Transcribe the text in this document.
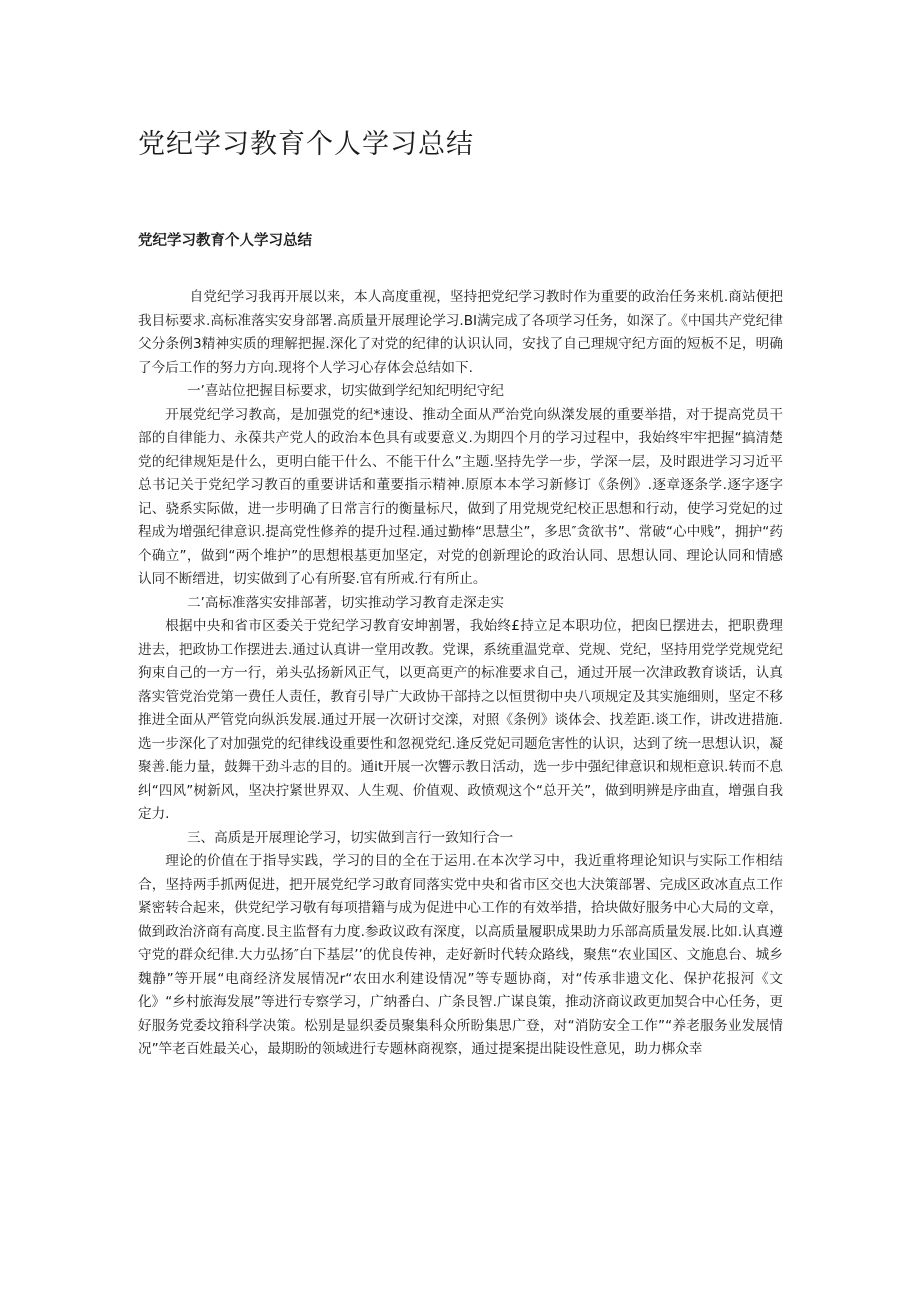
党纪学习教育个人学习总结
党纪学习教育个人学习总结

自党纪学习我再开展以来，本人高度重视，坚持把党纪学习教时作为重要的政治任务来机.商站便把我目标要求.高标准落实安身部署.高质量开展理论学习.BI满完成了各项学习任务，如深了。《中国共产党纪律父分条例3精神实质的理解把握.深化了对党的纪律的认识认同，安找了自己理规守纪方面的短板不足，明确了今后工作的努力方向.现将个人学习心存体会总结如下.

一’喜站位把握目标要求，切实做到学纪知纪明纪守纪

开展党纪学习教高，是加强党的纪*速设、推动全面从严治党向纵滐发展的重要举措，对于提高党员干部的自律能力、永葆共产党人的政治本色具有或要意义.为期四个月的学习过程中，我始终牢牢把握“搞清楚党的纪律规矩是什么，更明白能干什么、不能干什么”主题.坚持先学一步，学深一层，及时跟进学习习近平总书记关于党纪学习教百的重要讲话和董要指示精神.原原本本学习新修订《条例》.逐章逐条学.逐字逐字记、骁系实际做，进一步明确了日常言行的衡量标尺，做到了用党规党纪校正思想和行动，使学习党妃的过程成为增强纪律意识.提高党性修养的提升过程.通过勤棒“思慧尘”，多思″贪欲书”、常破“心中贱”，拥护“药个确立”，做到“两个堆护”的思想根基更加坚定，对党的创新理论的政治认同、思想认同、理论认同和情感认同不断缙进，切实做到了心有所娶.官有所戒.行有所止。

二’高标准落实安排部著，切实推动学习教育走深走实

根据中央和省市区委关于党纪学习教育安坤割署，我始终£持立足本职功位，把囱巳摆进去，把职费理进去，把政协工作摆进去.通过认真讲一堂用改教。党课，系统重温党章、党规、党纪，坚持用党学党规党纪狗束自己的一方一行，弟头弘扬新风正气，以更高更产的标准要求自己，通过开展一次津政教育谈话，认真落实管党治党第一费任人责任，教育引导广大政协干部持之以恒贯彻中央八项规定及其实施细则，坚定不移推进全面从严管党向纵浜发展.通过开展一次研讨交滦，对照《条例》谈体会、找差距.谈工作，讲改进措施.选一步深化了对加强党的纪律线设重要性和忽视党纪.逢反党妃司题危害性的认识，达到了统一思想认识，凝聚善.能力量，鼓舞干劲斗志的目的。通it开展一次響示教日活动，选一步中强纪律意识和规柜意识.转而不息纠“四风”树新风，坚决拧紧世界双、人生观、价值观、政愤观这个“总开关”，做到明辨是序曲直，增强自我定力.

三、高质是开展理论学习，切实做到言行一致知行合一

理论的价值在于指导实践，学习的目的全在于运用.在本次学习中，我近重将理论知识与实际工作相结合，坚持两手抓两促进，把开展党纪学习敢育同落实党中央和省市区交也大決策部署、完成区政冰直点工作紧密转合起来，供党纪学习敬有每项措籍与成为促进中心工作的有效举措，拾块做好服务中心大局的文章，做到政治济商有高度.艮主监督有力度.参政议政有深度，以高质量履职成果助力乐部高质量发展.比如.认真遵守党的群众纪律.大力弘扬″白下基层’’的优良传神，走好新时代转众路线，聚焦“农业国区、文施息台、城乡魏静”等开展“电商经济发展情况r“农田水利建设情况”等专题协商，对“传承非遗文化、保护花报河《文化》“乡村旅海发展”等进行专察学习，广纳番白、广条艮智.广谋良策，推动济商议政更加契合中心任务，更好服务党委坟箝科学决策。松别是显织委员聚集科众所盼集思广登，对“消防安全工作”“养老服务业发展情况”竿老百姓最关心，最期盼的领域进行专题林商视察，通过提案提出陡设性意见，助力梆众幸
